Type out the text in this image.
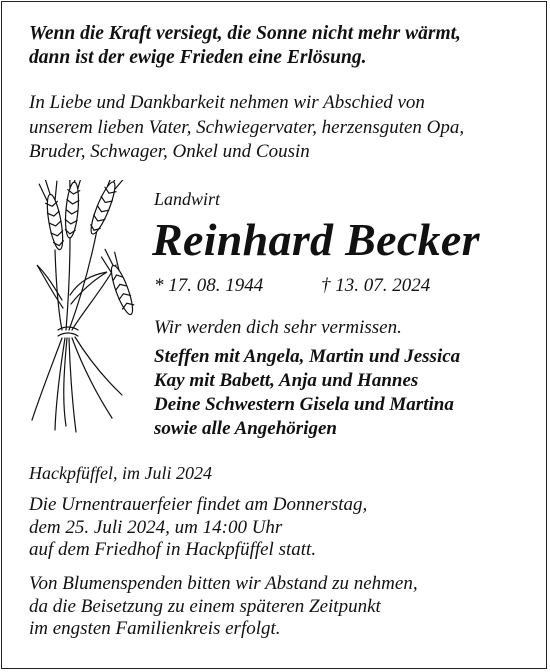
Wenn die Kraft versiegt, die Sonne nicht mehr wärmt,
dann ist der ewige Frieden eine Erlösung.
In Liebe und Dankbarkeit nehmen wir Abschied von
unserem lieben Vater, Schwiegervater, herzensguten Opa,
Bruder, Schwager, Onkel und Cousin
Landwirt
Reinhard Becker
* 17. 08. 1944	† 13. 07. 2024
Wir werden dich sehr vermissen.
Steffen mit Angela, Martin und Jessica
Kay mit Babett, Anja und Hannes
Deine Schwestern Gisela und Martina
sowie alle Angehörigen
Hackpfüffel, im Juli 2024
Die Urnentrauerfeier findet am Donnerstag,
dem 25. Juli 2024, um 14:00 Uhr
auf dem Friedhof in Hackpfüffel statt.
Von Blumenspenden bitten wir Abstand zu nehmen,
da die Beisetzung zu einem späteren Zeitpunkt
im engsten Familienkreis erfolgt.
